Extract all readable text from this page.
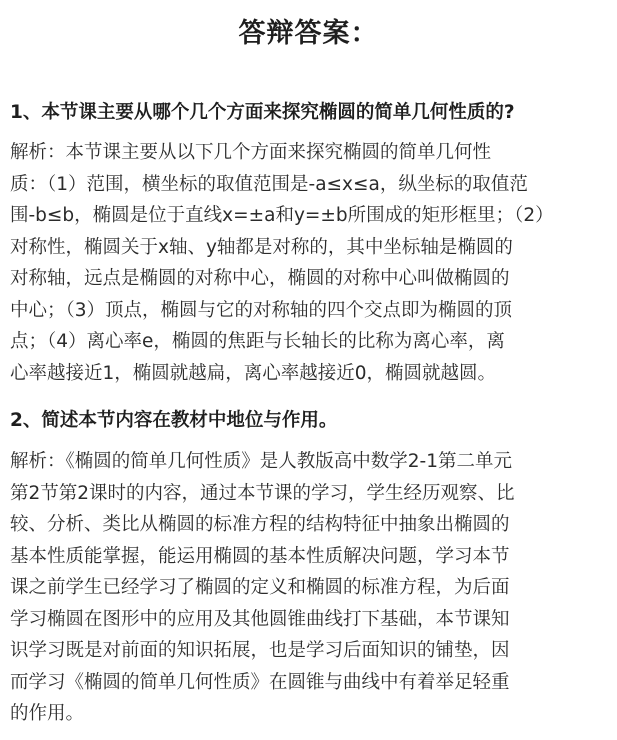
答辩答案：
1、本节课主要从哪个几个方面来探究椭圆的简单几何性质的?
解析：本节课主要从以下几个方面来探究椭圆的简单几何性
质：（1）范围，横坐标的取值范围是-a≤x≤a，纵坐标的取值范
围-b≤b，椭圆是位于直线x=±a和y=±b所围成的矩形框里；（2）
对称性，椭圆关于x轴、y轴都是对称的，其中坐标轴是椭圆的
对称轴，远点是椭圆的对称中心，椭圆的对称中心叫做椭圆的
中心；（3）顶点，椭圆与它的对称轴的四个交点即为椭圆的顶
点；（4）离心率e，椭圆的焦距与长轴长的比称为离心率，离
心率越接近1，椭圆就越扁，离心率越接近0，椭圆就越圆。
2、简述本节内容在教材中地位与作用。
解析：《椭圆的简单几何性质》是人教版高中数学2-1第二单元
第2节第2课时的内容，通过本节课的学习，学生经历观察、比
较、分析、类比从椭圆的标准方程的结构特征中抽象出椭圆的
基本性质能掌握，能运用椭圆的基本性质解决问题，学习本节
课之前学生已经学习了椭圆的定义和椭圆的标准方程，为后面
学习椭圆在图形中的应用及其他圆锥曲线打下基础，本节课知
识学习既是对前面的知识拓展，也是学习后面知识的铺垫，因
而学习《椭圆的简单几何性质》在圆锥与曲线中有着举足轻重
的作用。
